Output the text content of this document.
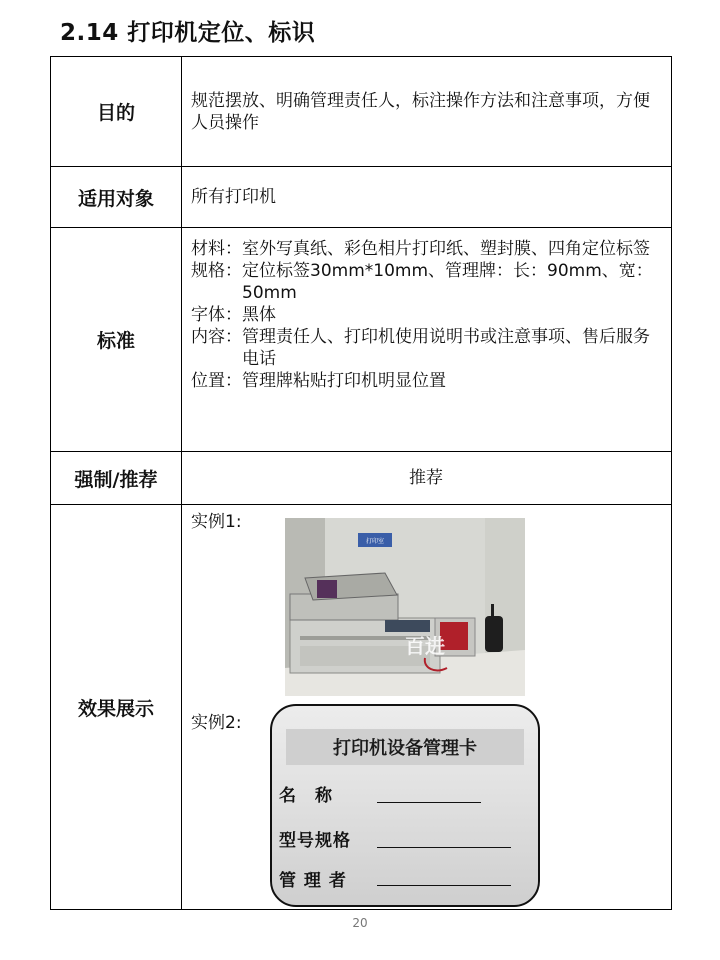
2.14 打印机定位、标识
目的
规范摆放、明确管理责任人，标注操作方法和注意事项，方便人员操作
适用对象	所有打印机
标准
材料： 室外写真纸、彩色相片打印纸、塑封膜、四角定位标签
规格： 定位标签30mm*10mm、管理牌：长：90mm、宽：50mm
字体： 黑体
内容： 管理责任人、打印机使用说明书或注意事项、售后服务电话
位置： 管理牌粘贴打印机明显位置
强制/推荐	推荐
效果展示
实例1:
实例2:
打印室
百进
打印机设备管理卡
名　称
型号规格
管 理 者
20
